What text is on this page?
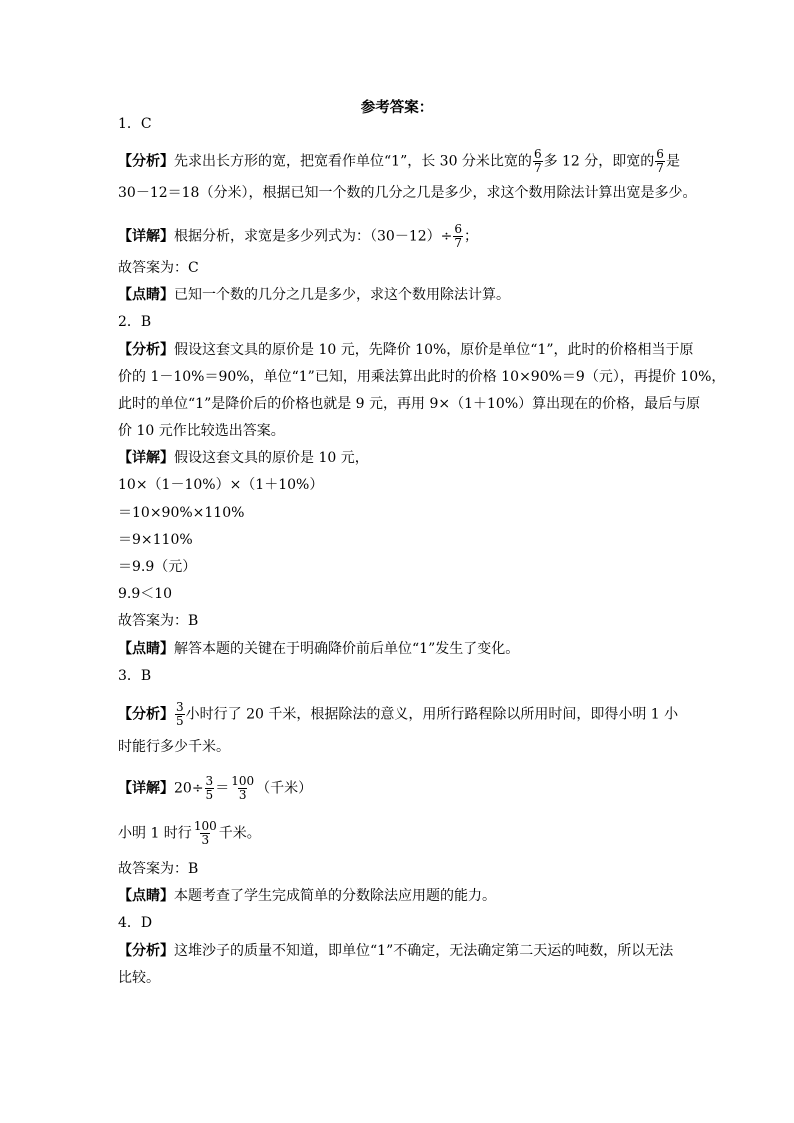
参考答案：
1．C
【分析】先求出长方形的宽，把宽看作单位“1”，长 30 分米比宽的 $\frac{6}{7}$ 多 12 分，即宽的 $\frac{6}{7}$ 是
30－12＝18（分米），根据已知一个数的几分之几是多少，求这个数用除法计算出宽是多少。
【详解】根据分析，求宽是多少列式为：$(30-12)\div \frac{6}{7}$ ；
故答案为：C
【点睛】已知一个数的几分之几是多少，求这个数用除法计算。
2．B
【分析】假设这套文具的原价是 10 元，先降价 10%，原价是单位“1”，此时的价格相当于原
价的 1－10%＝90%，单位“1”已知，用乘法算出此时的价格 10×90%＝9（元），再提价 10%，
此时的单位“1”是降价后的价格也就是 9 元，再用 9×（1＋10%）算出现在的价格，最后与原
价 10 元作比较选出答案。
【详解】假设这套文具的原价是 10 元，
10×（1－10%）×（1＋10%）
＝10×90%×110%
＝9×110%
＝9.9（元）
9.9＜10
故答案为：B
【点睛】解答本题的关键在于明确降价前后单位“1”发生了变化。
3．B
【分析】 $\frac{3}{5}$ 小时行了 20 千米，根据除法的意义，用所行路程除以所用时间，即得小明 1 小
时能行多少千米。
【详解】$20\div \frac{3}{5} = \frac{100}{3}$ （千米）
小明 1 时行 $\frac{100}{3}$ 千米。
故答案为：B
【点睛】本题考查了学生完成简单的分数除法应用题的能力。
4．D
【分析】这堆沙子的质量不知道，即单位“1”不确定，无法确定第二天运的吨数，所以无法
比较。
